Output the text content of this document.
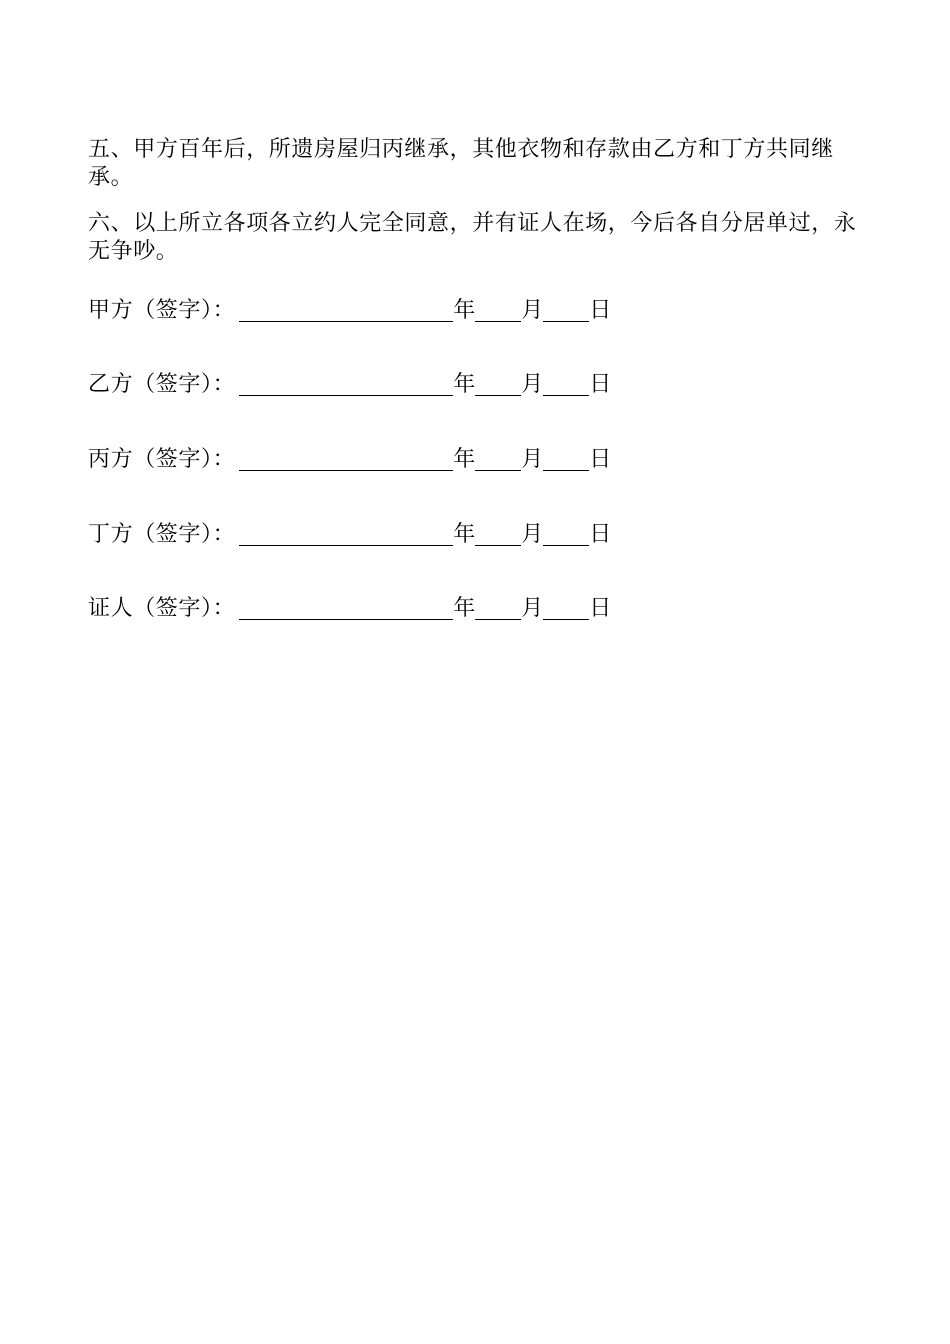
五、甲方百年后，所遗房屋归丙继承，其他衣物和存款由乙方和丁方共同继承。

六、以上所立各项各立约人完全同意，并有证人在场，今后各自分居单过，永无争吵。

甲方（签字）：	年 月 日
乙方（签字）：	年 月 日
丙方（签字）：	年 月 日
丁方（签字）：	年 月 日
证人（签字）：	年 月 日
